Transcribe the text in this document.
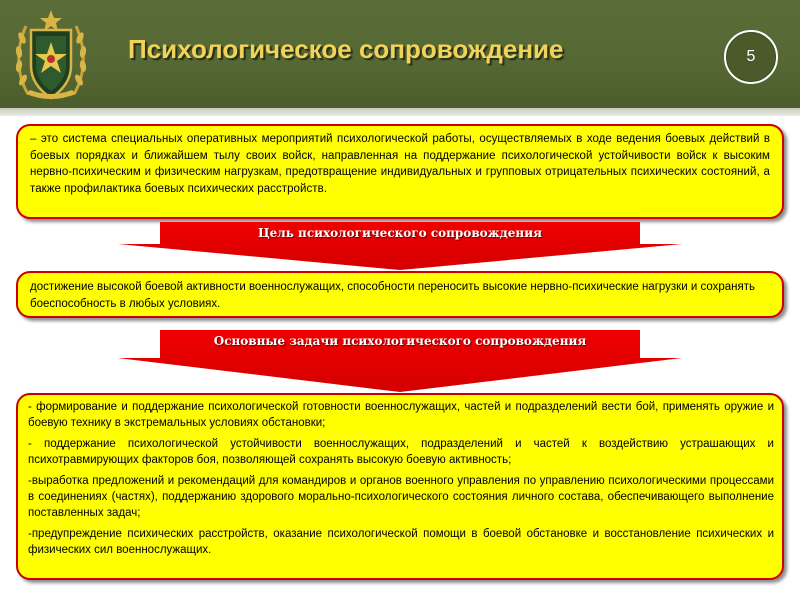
Психологическое сопровождение	5
– это система специальных оперативных мероприятий психологической работы, осуществляемых в ходе ведения боевых действий в боевых порядках и ближайшем тылу своих войск, направленная на поддержание психологической устойчивости войск к высоким нервно-психическим и физическим нагрузкам, предотвращение индивидуальных и групповых отрицательных психических состояний, а также профилактика боевых психических расстройств.
Цель психологического сопровождения
достижение высокой боевой активности военнослужащих, способности переносить высокие нервно-психические нагрузки и сохранять боеспособность в любых условиях.
Основные задачи психологического сопровождения
- формирование и поддержание психологической готовности военнослужащих, частей и подразделений вести бой, применять оружие и боевую технику в экстремальных условиях обстановки;
- поддержание психологической устойчивости военнослужащих, подразделений и частей к воздействию устрашающих и психотравмирующих факторов боя, позволяющей сохранять высокую боевую активность;
-выработка предложений и рекомендаций для командиров и органов военного управления по управлению психологическими процессами в соединениях (частях), поддержанию здорового морально-психологического состояния личного состава, обеспечивающего выполнение поставленных задач;
-предупреждение психических расстройств, оказание психологической помощи в боевой обстановке и восстановление психических и физических сил военнослужащих.
